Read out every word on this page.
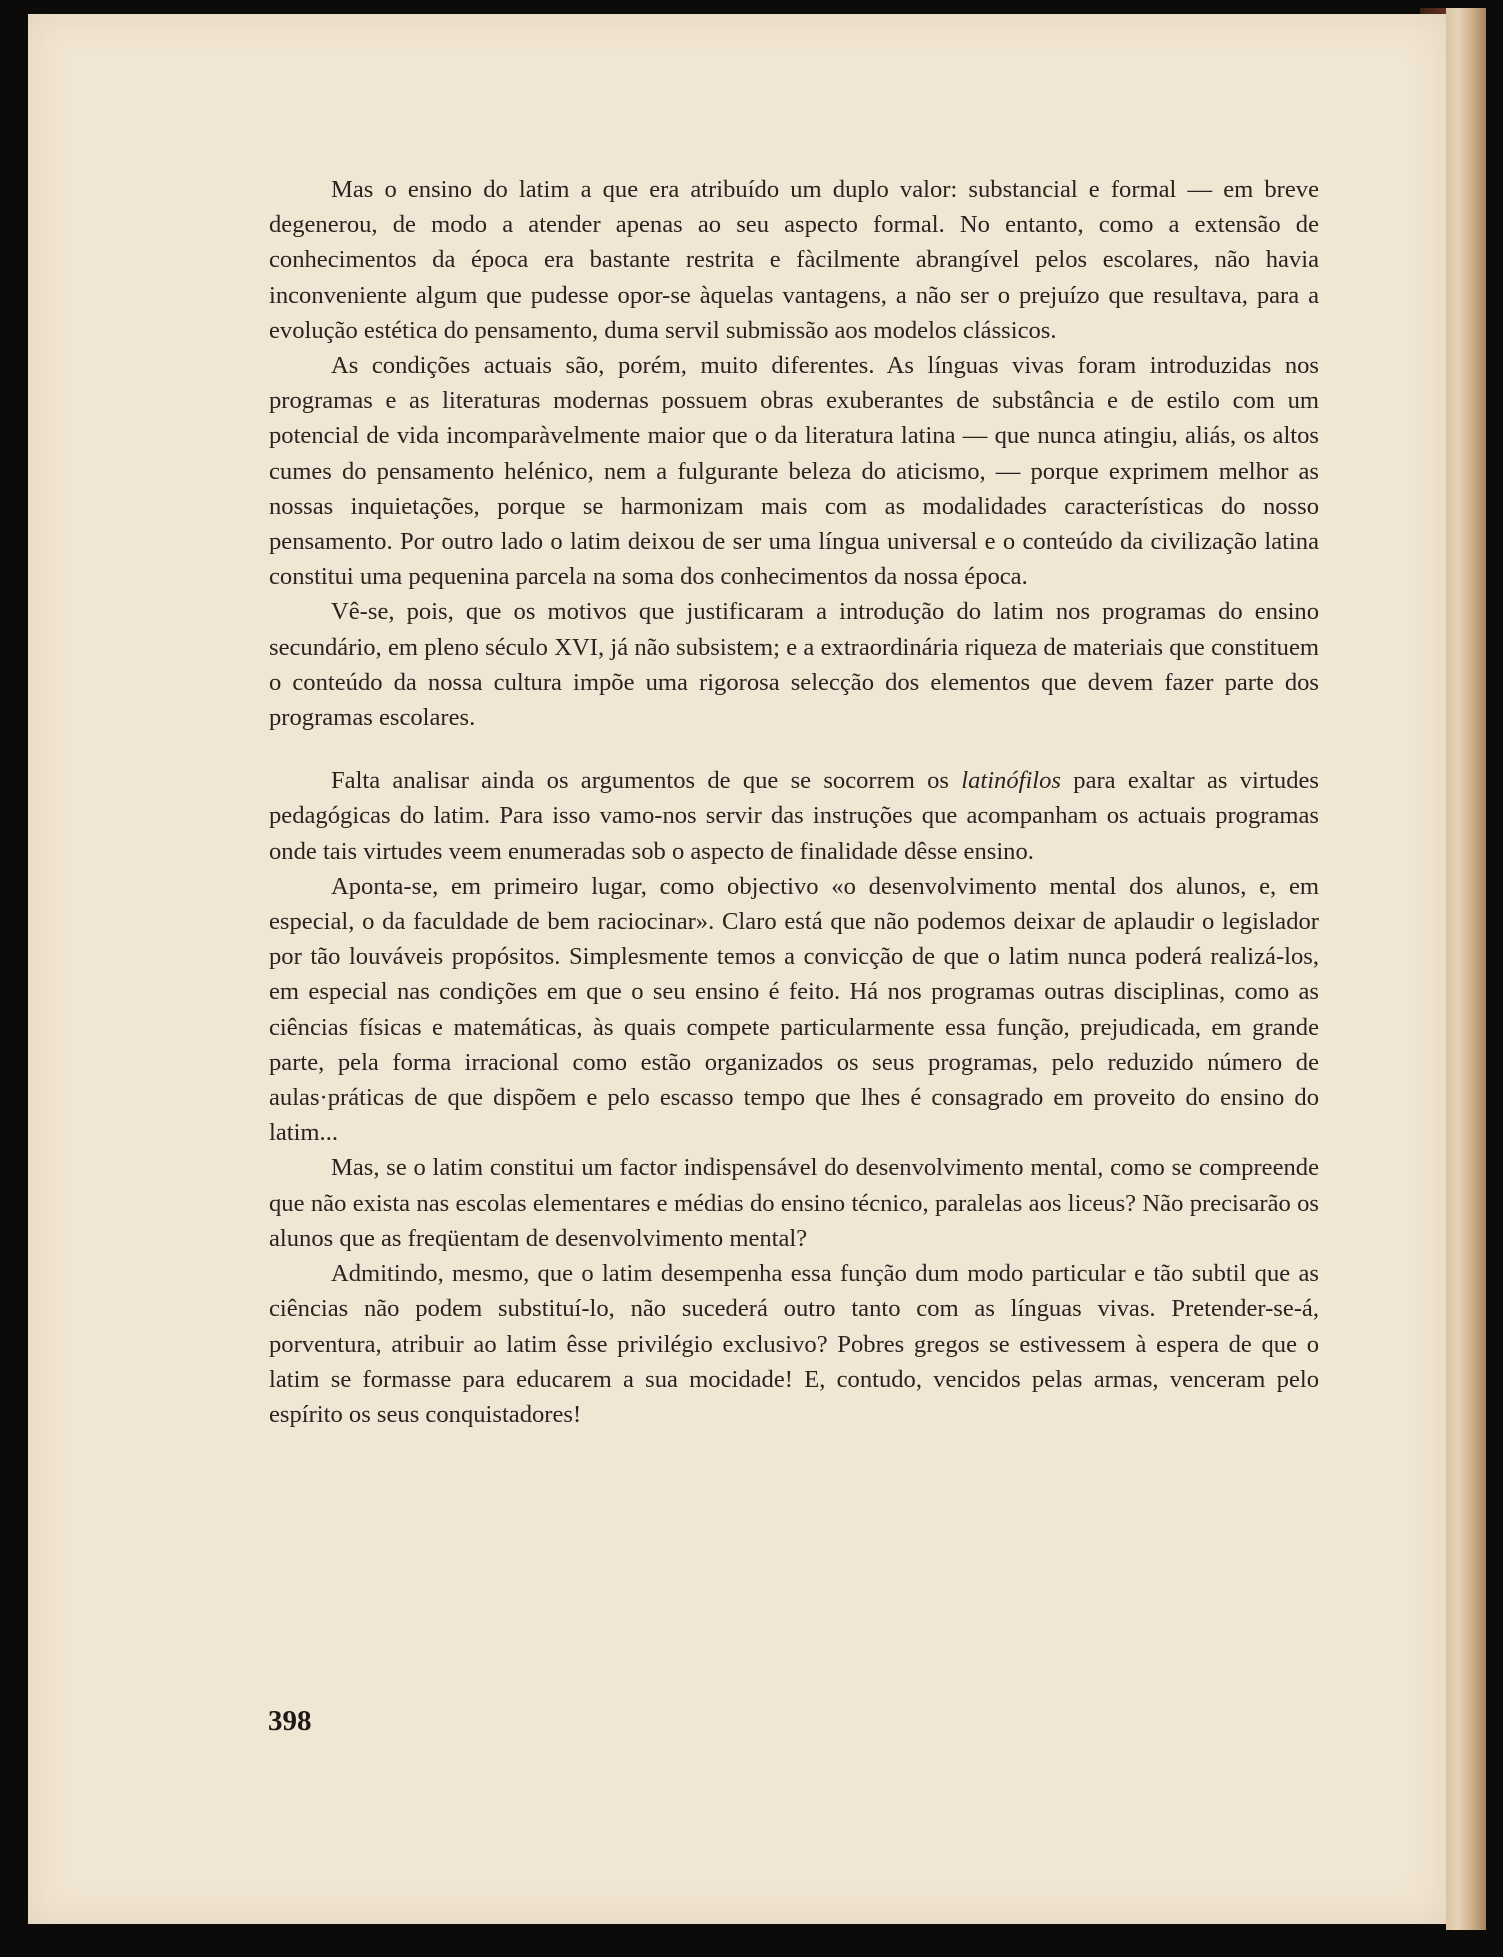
Mas o ensino do latim a que era atribuído um duplo valor: substancial e formal — em breve degenerou, de modo a atender apenas ao seu aspecto formal. No entanto, como a extensão de conhecimentos da época era bastante restrita e fàcilmente abrangível pelos escolares, não havia inconveniente algum que pudesse opor-se àquelas vantagens, a não ser o prejuízo que resultava, para a evolução estética do pensamento, duma servil submissão aos modelos clássicos.

As condições actuais são, porém, muito diferentes. As línguas vivas foram introduzidas nos programas e as literaturas modernas possuem obras exuberantes de substância e de estilo com um potencial de vida incomparàvelmente maior que o da literatura latina — que nunca atingiu, aliás, os altos cumes do pensamento helénico, nem a fulgurante beleza do aticismo, — porque exprimem melhor as nossas inquietações, porque se harmonizam mais com as modalidades características do nosso pensamento. Por outro lado o latim deixou de ser uma língua universal e o conteúdo da civilização latina constitui uma pequenina parcela na soma dos conhecimentos da nossa época.

Vê-se, pois, que os motivos que justificaram a introdução do latim nos programas do ensino secundário, em pleno século XVI, já não subsistem; e a extraordinária riqueza de materiais que constituem o conteúdo da nossa cultura impõe uma rigorosa selecção dos elementos que devem fazer parte dos programas escolares.

Falta analisar ainda os argumentos de que se socorrem os latinófilos para exaltar as virtudes pedagógicas do latim. Para isso vamo-nos servir das instruções que acompanham os actuais programas onde tais virtudes veem enumeradas sob o aspecto de finalidade dêsse ensino.

Aponta-se, em primeiro lugar, como objectivo «o desenvolvimento mental dos alunos, e, em especial, o da faculdade de bem raciocinar». Claro está que não podemos deixar de aplaudir o legislador por tão louváveis propósitos. Simplesmente temos a convicção de que o latim nunca poderá realizá-los, em especial nas condições em que o seu ensino é feito. Há nos programas outras disciplinas, como as ciências físicas e matemáticas, às quais compete particularmente essa função, prejudicada, em grande parte, pela forma irracional como estão organizados os seus programas, pelo reduzido número de aulas·práticas de que dispõem e pelo escasso tempo que lhes é consagrado em proveito do ensino do latim...

Mas, se o latim constitui um factor indispensável do desenvolvimento mental, como se compreende que não exista nas escolas elementares e médias do ensino técnico, paralelas aos liceus? Não precisarão os alunos que as freqüentam de desenvolvimento mental?

Admitindo, mesmo, que o latim desempenha essa função dum modo particular e tão subtil que as ciências não podem substituí-lo, não sucederá outro tanto com as línguas vivas. Pretender-se-á, porventura, atribuir ao latim êsse privilégio exclusivo? Pobres gregos se estivessem à espera de que o latim se formasse para educarem a sua mocidade! E, contudo, vencidos pelas armas, venceram pelo espírito os seus conquistadores!

398
